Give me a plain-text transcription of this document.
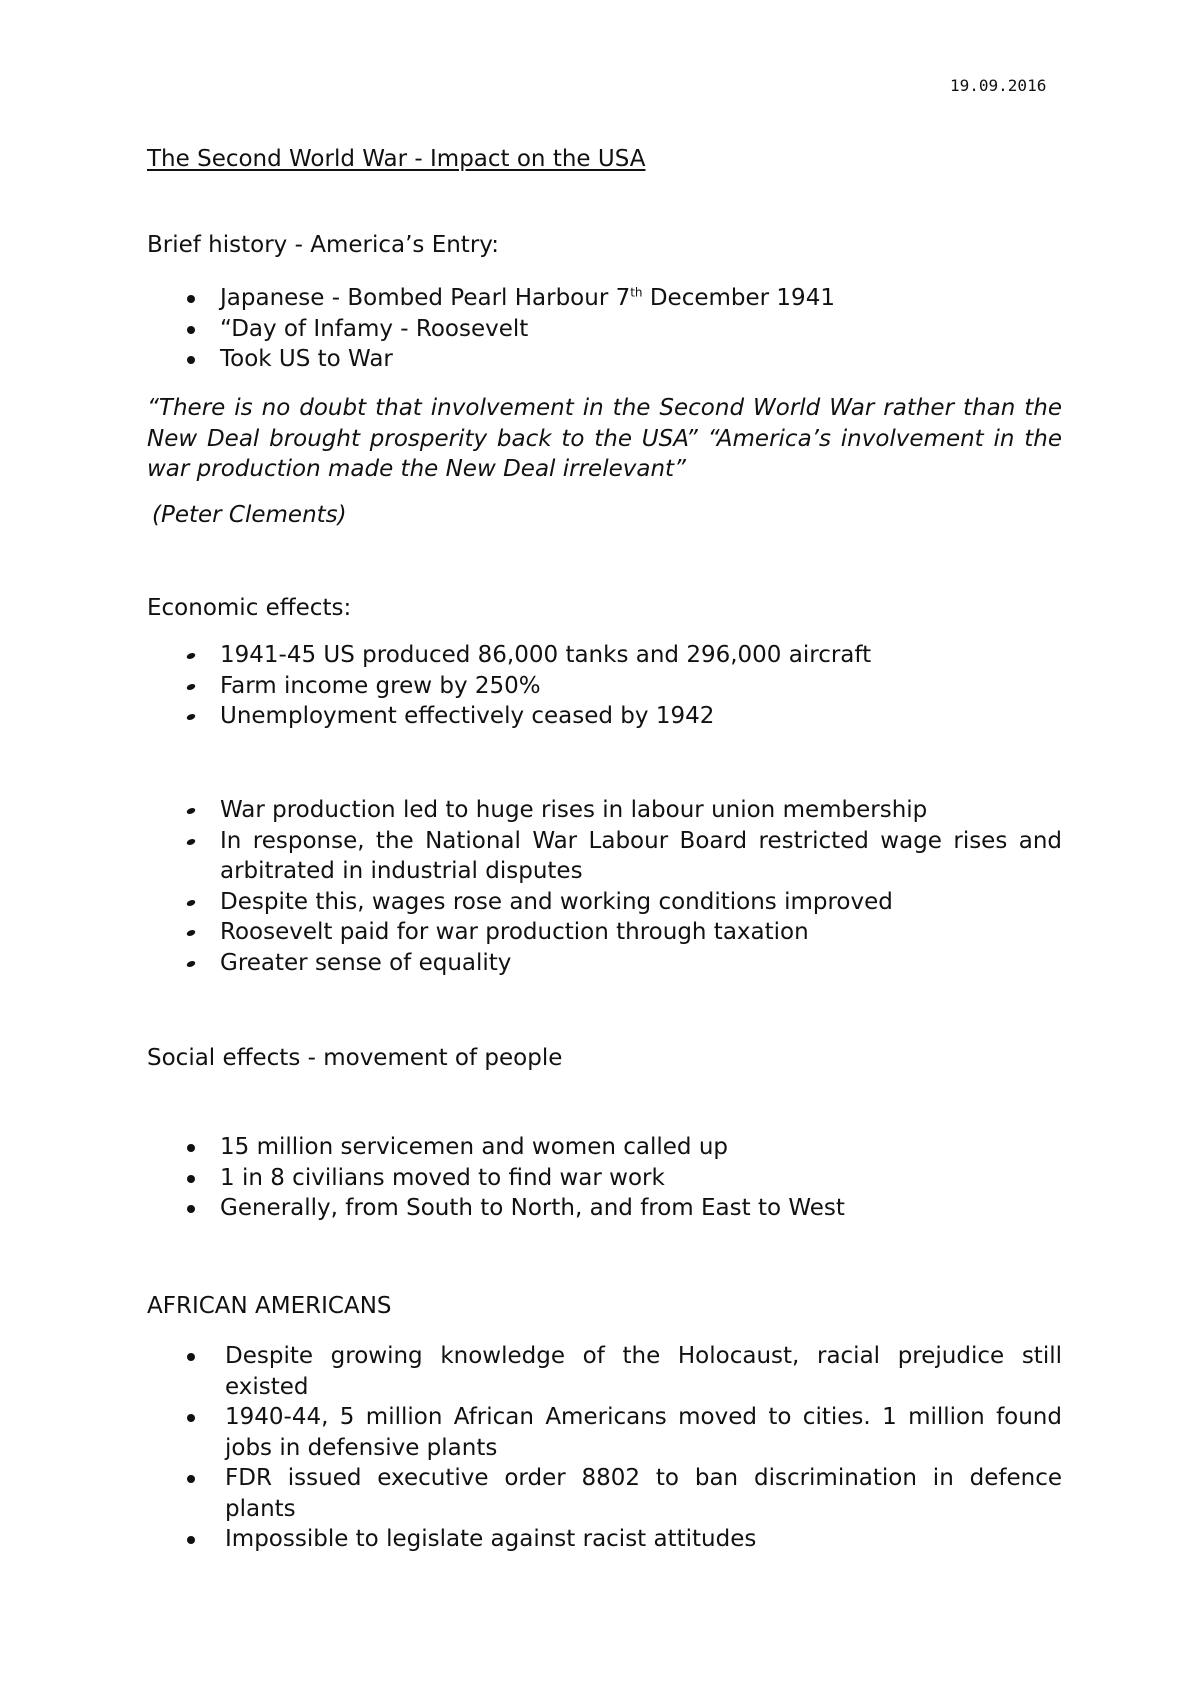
19.09.2016
The Second World War - Impact on the USA
Brief history - America’s Entry:
Japanese - Bombed Pearl Harbour 7th December 1941
“Day of Infamy - Roosevelt
Took US to War
“There is no doubt that involvement in the Second World War rather than the New Deal brought prosperity back to the USA” “America’s involvement in the war production made the New Deal irrelevant”
(Peter Clements)
Economic effects:
1941-45 US produced 86,000 tanks and 296,000 aircraft
Farm income grew by 250%
Unemployment effectively ceased by 1942
War production led to huge rises in labour union membership
In response, the National War Labour Board restricted wage rises and arbitrated in industrial disputes
Despite this, wages rose and working conditions improved
Roosevelt paid for war production through taxation
Greater sense of equality
Social effects - movement of people
15 million servicemen and women called up
1 in 8 civilians moved to find war work
Generally, from South to North, and from East to West
AFRICAN AMERICANS
Despite growing knowledge of the Holocaust, racial prejudice still existed
1940-44, 5 million African Americans moved to cities. 1 million found jobs in defensive plants
FDR issued executive order 8802 to ban discrimination in defence plants
Impossible to legislate against racist attitudes
